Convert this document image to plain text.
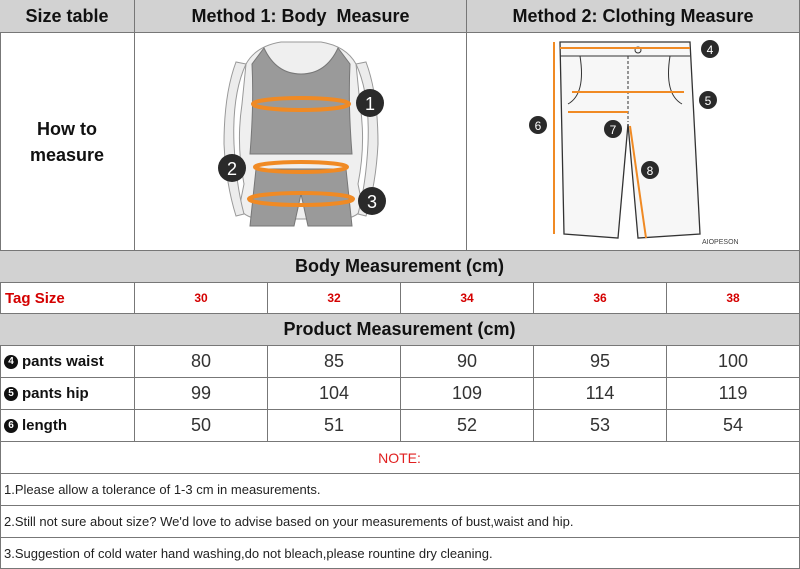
Size table	Method 1: Body  Measure	Method 2: Clothing Measure
How to
measure
1
2
3
4
5
6	7
8
AIOPESON
Body Measurement (cm)
Tag Size	30	32	34	36	38
Product Measurement (cm)
4 pants waist	80	85	90	95	100
5 pants hip	99	104	109	114	119
6 length	50	51	52	53	54
NOTE:
1.Please allow a tolerance of 1-3 cm in measurements.
2.Still not sure about size? We'd love to advise based on your measurements of bust,waist and hip.
3.Suggestion of cold water hand washing,do not bleach,please rountine dry cleaning.
